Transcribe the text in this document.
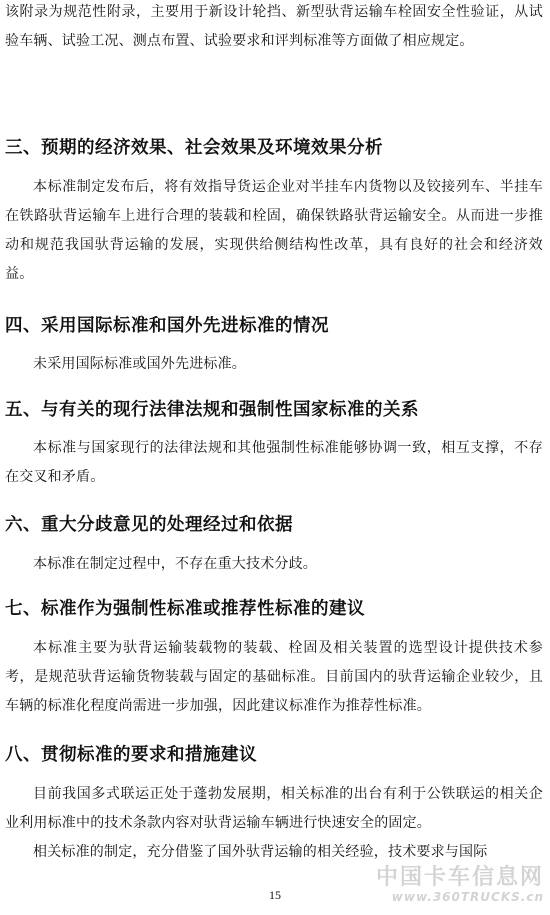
该附录为规范性附录，主要用于新设计轮挡、新型驮背运输车栓固安全性验证，从试验车辆、试验工况、测点布置、试验要求和评判标准等方面做了相应规定。

三、预期的经济效果、社会效果及环境效果分析

本标准制定发布后，将有效指导货运企业对半挂车内货物以及铰接列车、半挂车在铁路驮背运输车上进行合理的装载和栓固，确保铁路驮背运输安全。从而进一步推动和规范我国驮背运输的发展，实现供给侧结构性改革，具有良好的社会和经济效益。

四、采用国际标准和国外先进标准的情况

未采用国际标准或国外先进标准。

五、与有关的现行法律法规和强制性国家标准的关系

本标准与国家现行的法律法规和其他强制性标准能够协调一致，相互支撑，不存在交叉和矛盾。

六、重大分歧意见的处理经过和依据

本标准在制定过程中，不存在重大技术分歧。

七、标准作为强制性标准或推荐性标准的建议

本标准主要为驮背运输装载物的装载、栓固及相关装置的选型设计提供技术参考，是规范驮背运输货物装载与固定的基础标准。目前国内的驮背运输企业较少，且车辆的标准化程度尚需进一步加强，因此建议标准作为推荐性标准。

八、贯彻标准的要求和措施建议

目前我国多式联运正处于蓬勃发展期，相关标准的出台有利于公铁联运的相关企业利用标准中的技术条款内容对驮背运输车辆进行快速安全的固定。

相关标准的制定，充分借鉴了国外驮背运输的相关经验，技术要求与国际

15
中国卡车信息网
www.360TRUCKS.cn
